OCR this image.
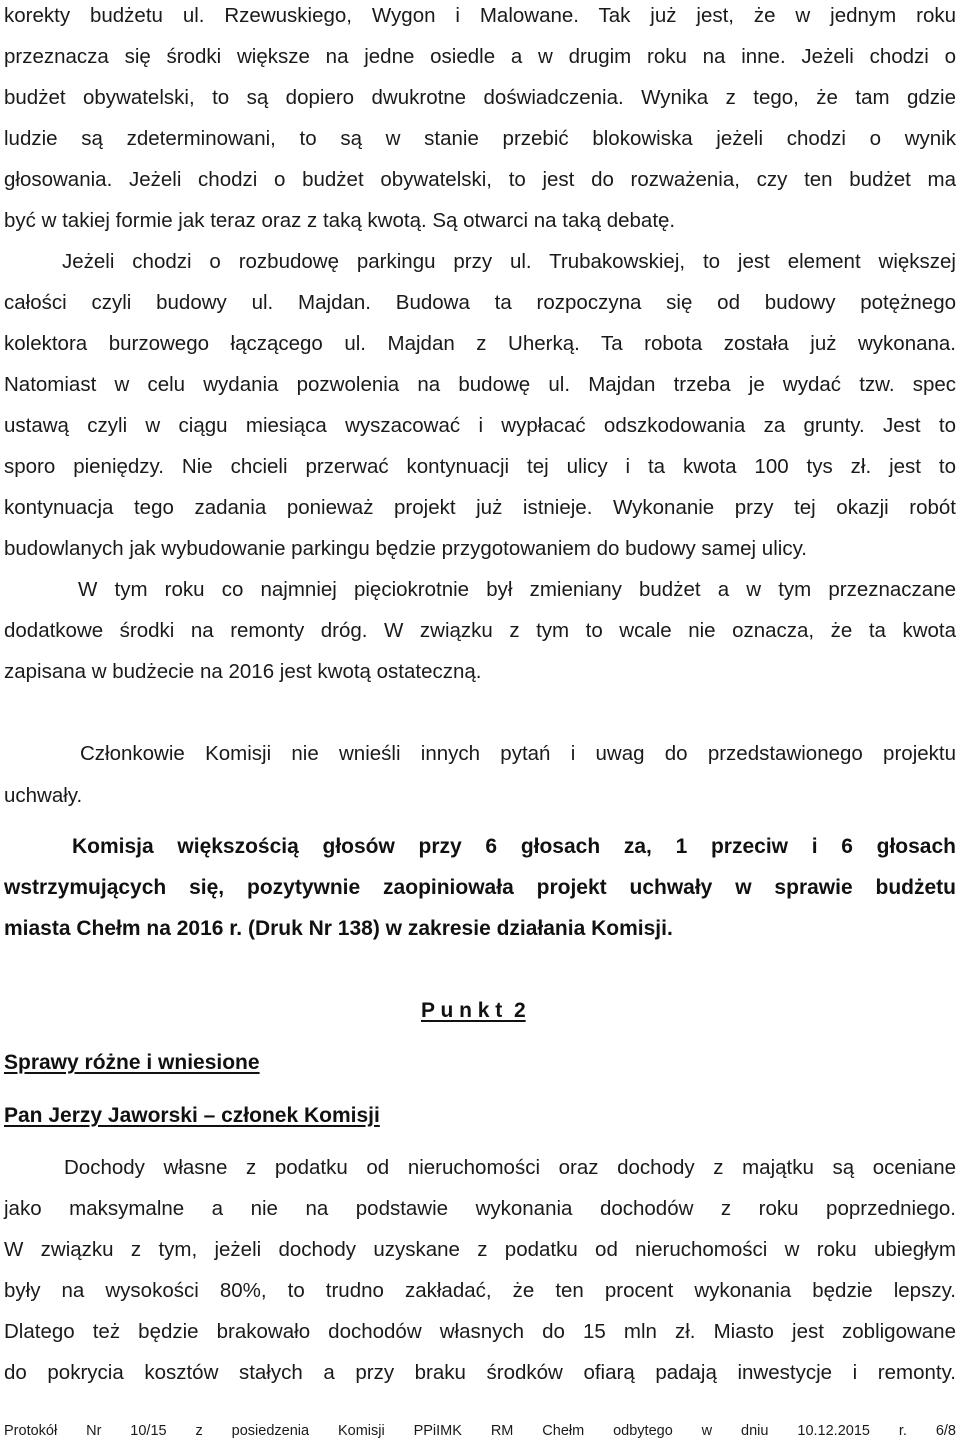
korekty budżetu ul. Rzewuskiego, Wygon i Malowane. Tak już jest, że w jednym roku
przeznacza się środki większe na jedne osiedle a w drugim roku na inne. Jeżeli chodzi o
budżet obywatelski, to są dopiero dwukrotne doświadczenia. Wynika z tego, że tam gdzie
ludzie są zdeterminowani, to są w stanie przebić blokowiska jeżeli chodzi o wynik
głosowania. Jeżeli chodzi o budżet obywatelski, to jest do rozważenia, czy ten budżet ma
być w takiej formie jak teraz oraz z taką kwotą. Są otwarci na taką debatę.
Jeżeli chodzi o rozbudowę parkingu przy ul. Trubakowskiej, to jest element większej
całości czyli budowy ul. Majdan. Budowa ta rozpoczyna się od budowy potężnego
kolektora burzowego łączącego ul. Majdan z Uherką. Ta robota została już wykonana.
Natomiast w celu wydania pozwolenia na budowę ul. Majdan trzeba je wydać tzw. spec
ustawą czyli w ciągu miesiąca wyszacować i wypłacać odszkodowania za grunty. Jest to
sporo pieniędzy. Nie chcieli przerwać kontynuacji tej ulicy i ta kwota 100 tys zł. jest to
kontynuacja tego zadania ponieważ projekt już istnieje. Wykonanie przy tej okazji robót
budowlanych jak wybudowanie parkingu będzie przygotowaniem do budowy samej ulicy.
W tym roku co najmniej pięciokrotnie był zmieniany budżet a w tym przeznaczane
dodatkowe środki na remonty dróg. W związku z tym to wcale nie oznacza, że ta kwota
zapisana w budżecie na 2016 jest kwotą ostateczną.
Członkowie Komisji nie wnieśli innych pytań i uwag do przedstawionego projektu
uchwały.
Komisja większością głosów przy 6 głosach za, 1 przeciw i 6 głosach
wstrzymujących się, pozytywnie zaopiniowała projekt uchwały w sprawie budżetu
miasta Chełm na 2016 r. (Druk Nr 138) w zakresie działania Komisji.
P u n k t  2
Sprawy różne i wniesione
Pan Jerzy Jaworski – członek Komisji
Dochody własne z podatku od nieruchomości oraz dochody z majątku są oceniane
jako maksymalne a nie na podstawie wykonania dochodów z roku poprzedniego.
W związku z tym, jeżeli dochody uzyskane z podatku od nieruchomości w roku ubiegłym
były na wysokości 80%, to trudno zakładać, że ten procent wykonania będzie lepszy.
Dlatego też będzie brakowało dochodów własnych do 15 mln zł. Miasto jest zobligowane
do pokrycia kosztów stałych a przy braku środków ofiarą padają inwestycje i remonty.
Protokół Nr 10/15 z posiedzenia Komisji PPiIMK RM Chełm odbytego w dniu 10.12.2015 r. 6/8
